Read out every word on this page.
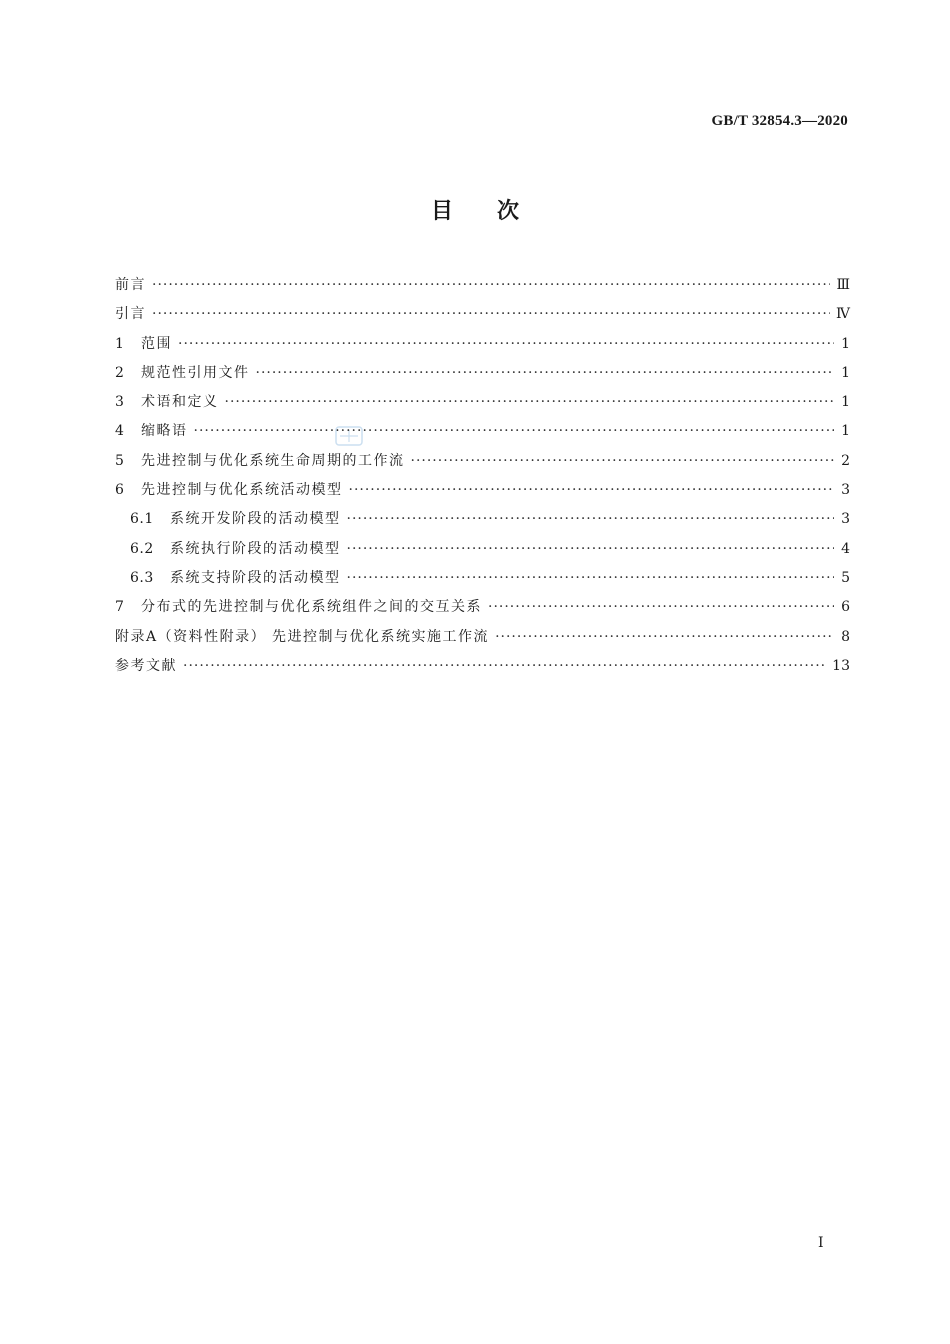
GB/T 32854.3—2020
目次
前言 ·····	Ⅲ
引言 ·····	Ⅳ
1	范围 ·····	1
2	规范性引用文件 ·····	1
3	术语和定义 ·····	1
4	缩略语 ·····	1
5	先进控制与优化系统生命周期的工作流 ·····	2
6	先进控制与优化系统活动模型 ·····	3
6.1	系统开发阶段的活动模型 ·····	3
6.2	系统执行阶段的活动模型 ·····	4
6.3	系统支持阶段的活动模型 ·····	5
7	分布式的先进控制与优化系统组件之间的交互关系 ·····	6
附录A（资料性附录） 先进控制与优化系统实施工作流 ·····	8
参考文献 ·····	13
Ⅰ
